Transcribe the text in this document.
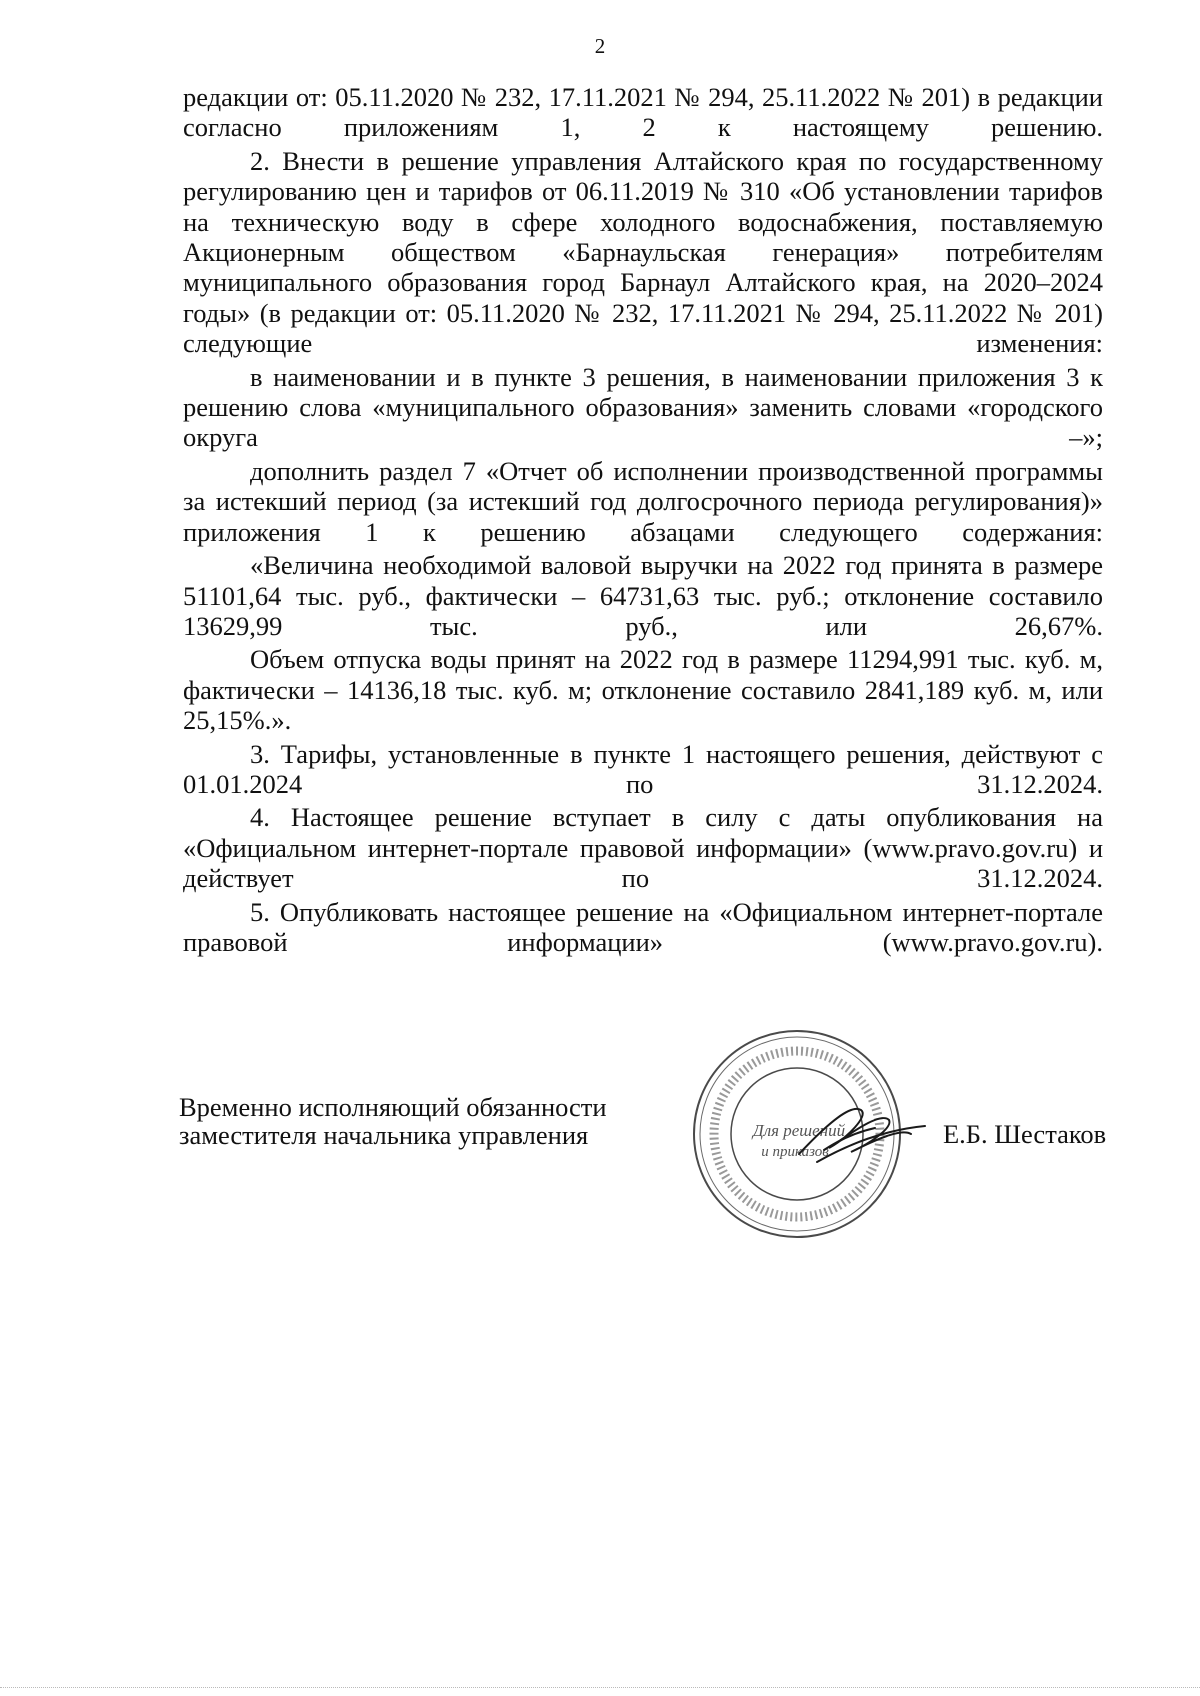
2

редакции от: 05.11.2020 № 232, 17.11.2021 № 294, 25.11.2022 № 201) в редакции согласно приложениям 1, 2 к настоящему решению.

2. Внести в решение управления Алтайского края по государственному регулированию цен и тарифов от 06.11.2019 № 310 «Об установлении тарифов на техническую воду в сфере холодного водоснабжения, поставляемую Акционерным обществом «Барнаульская генерация» потребителям муниципального образования город Барнаул Алтайского края, на 2020–2024 годы» (в редакции от: 05.11.2020 № 232, 17.11.2021 № 294, 25.11.2022 № 201) следующие изменения:

в наименовании и в пункте 3 решения, в наименовании приложения 3 к решению слова «муниципального образования» заменить словами «городского округа –»;

дополнить раздел 7 «Отчет об исполнении производственной программы за истекший период (за истекший год долгосрочного периода регулирования)» приложения 1 к решению абзацами следующего содержания:

«Величина необходимой валовой выручки на 2022 год принята в размере 51101,64 тыс. руб., фактически – 64731,63 тыс. руб.; отклонение составило 13629,99 тыс. руб., или 26,67%.

Объем отпуска воды принят на 2022 год в размере 11294,991 тыс. куб. м, фактически – 14136,18 тыс. куб. м; отклонение составило 2841,189 куб. м, или 25,15%.».

3. Тарифы, установленные в пункте 1 настоящего решения, действуют с 01.01.2024 по 31.12.2024.

4. Настоящее решение вступает в силу с даты опубликования на «Официальном интернет-портале правовой информации» (www.pravo.gov.ru) и действует по 31.12.2024.

5. Опубликовать настоящее решение на «Официальном интернет-портале правовой информации» (www.pravo.gov.ru).

Временно исполняющий обязанности
заместителя начальника управления	Для решений
и приказов
Е.Б. Шестаков
